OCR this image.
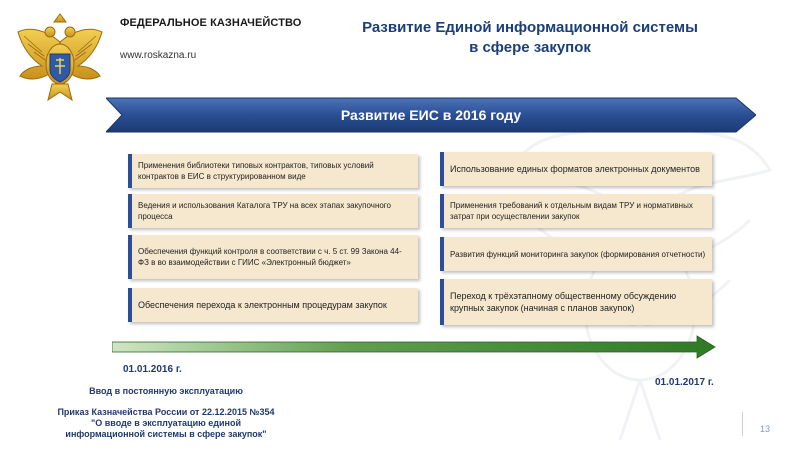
ФЕДЕРАЛЬНОЕ КАЗНАЧЕЙСТВО
www.roskazna.ru
Развитие Единой информационной системы
в сфере закупок
Развитие ЕИС в 2016 году
Применения библиотеки типовых контрактов, типовых условий контрактов в ЕИС в структурированном виде
Ведения и использования Каталога ТРУ на всех этапах закупочного процесса
Обеспечения функций контроля в соответствии с ч. 5 ст. 99 Закона 44-ФЗ в во взаимодействии с ГИИС «Электронный бюджет»
Обеспечения перехода к электронным процедурам закупок
Использование единых форматов электронных документов
Применения требований к отдельным видам ТРУ и нормативных затрат при осуществлении закупок
Развития функций мониторинга закупок (формирования отчетности)
Переход к трёхэтапному общественному обсуждению крупных закупок (начиная с планов закупок)
01.01.2016 г.
01.01.2017 г.
Ввод в постоянную эксплуатацию
Приказ Казначейства России от 22.12.2015 №354
"О вводе в эксплуатацию единой
информационной системы в сфере закупок"	13
